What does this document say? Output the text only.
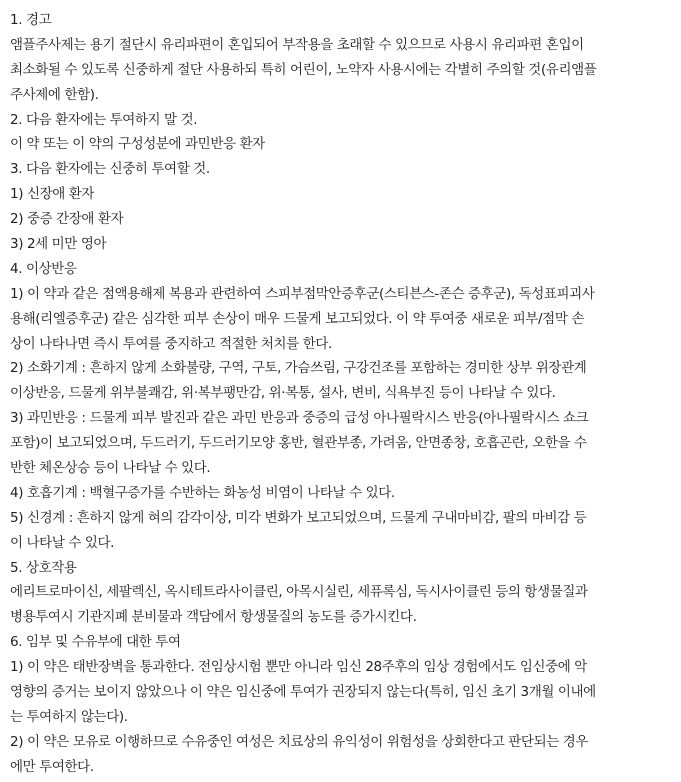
1. 경고
앰플주사제는 용기 절단시 유리파편이 혼입되어 부작용을 초래할 수 있으므로 사용시 유리파편 혼입이
최소화될 수 있도록 신중하게 절단 사용하되 특히 어린이, 노약자 사용시에는 각별히 주의할 것(유리앰플
주사제에 한함).
2. 다음 환자에는 투여하지 말 것.
이 약 또는 이 약의 구성성분에 과민반응 환자
3. 다음 환자에는 신중히 투여할 것.
1) 신장애 환자
2) 중증 간장애 환자
3) 2세 미만 영아
4. 이상반응
1) 이 약과 같은 점액용해제 복용과 관련하여 스피부점막안증후군(스티븐스-존슨 증후군), 독성표피괴사
용해(리엘증후군) 같은 심각한 피부 손상이 매우 드물게 보고되었다. 이 약 투여중 새로운 피부/점막 손
상이 나타나면 즉시 투여를 중지하고 적절한 처치를 한다.
2) 소화기계 : 흔하지 않게 소화불량, 구역, 구토, 가슴쓰림, 구강건조를 포함하는 경미한 상부 위장관계
이상반응, 드물게 위부불쾌감, 위·복부팽만감, 위·복통, 설사, 변비, 식욕부진 등이 나타날 수 있다.
3) 과민반응 : 드물게 피부 발진과 같은 과민 반응과 중증의 급성 아나필락시스 반응(아나필락시스 쇼크
포함)이 보고되었으며, 두드러기, 두드러기모양 홍반, 혈관부종, 가려움, 안면종창, 호흡곤란, 오한을 수
반한 체온상승 등이 나타날 수 있다.
4) 호흡기계 : 백혈구증가를 수반하는 화농성 비염이 나타날 수 있다.
5) 신경계 : 흔하지 않게 혀의 감각이상, 미각 변화가 보고되었으며, 드물게 구내마비감, 팔의 마비감 등
이 나타날 수 있다.
5. 상호작용
에리트로마이신, 세팔렉신, 옥시테트라사이클린, 아목시실린, 세퓨록심, 독시사이클린 등의 항생물질과
병용투여시 기관지폐 분비물과 객담에서 항생물질의 농도를 증가시킨다.
6. 임부 및 수유부에 대한 투여
1) 이 약은 태반장벽을 통과한다. 전임상시험 뿐만 아니라 임신 28주후의 임상 경험에서도 임신중에 악
영향의 증거는 보이지 않았으나 이 약은 임신중에 투여가 권장되지 않는다(특히, 임신 초기 3개월 이내에
는 투여하지 않는다).
2) 이 약은 모유로 이행하므로 수유중인 여성은 치료상의 유익성이 위험성을 상회한다고 판단되는 경우
에만 투여한다.
